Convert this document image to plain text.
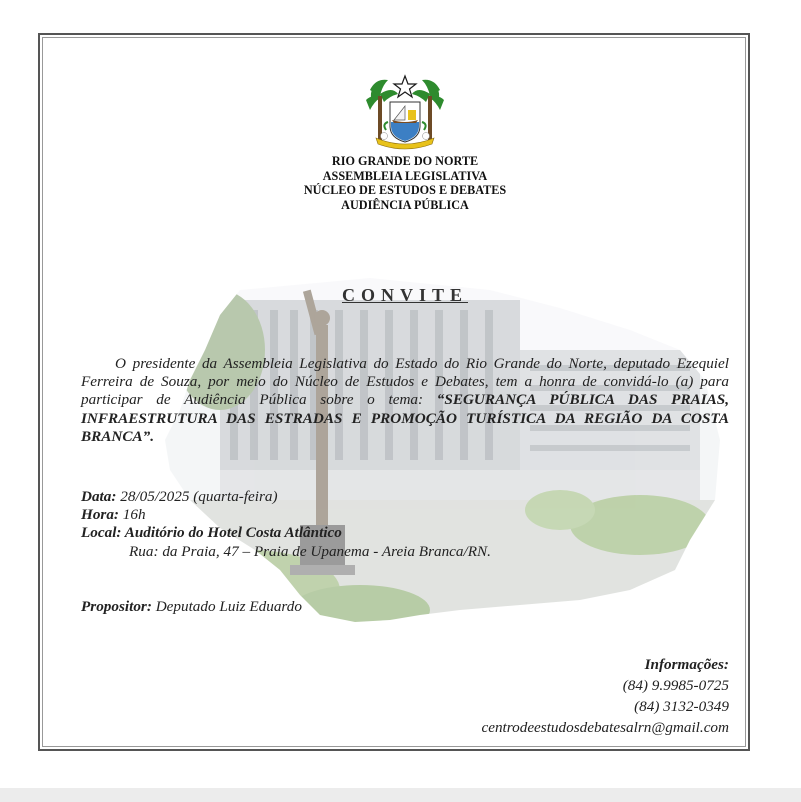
RIO GRANDE DO NORTE
ASSEMBLEIA LEGISLATIVA
NÚCLEO DE ESTUDOS E DEBATES
AUDIÊNCIA PÚBLICA
CONVITE
O presidente da Assembleia Legislativa do Estado do Rio Grande do Norte, deputado Ezequiel Ferreira de Souza, por meio do Núcleo de Estudos e Debates, tem a honra de convidá-lo (a) para participar de Audiência Pública sobre o tema: “SEGURANÇA PÚBLICA DAS PRAIAS, INFRAESTRUTURA DAS ESTRADAS E PROMOÇÃO TURÍSTICA DA REGIÃO DA COSTA BRANCA”.
Data: 28/05/2025 (quarta-feira)
Hora: 16h
Local: Auditório do Hotel Costa Atlântico
Rua: da Praia, 47 – Praia de Upanema - Areia Branca/RN.
Propositor: Deputado Luiz Eduardo
Informações:
(84) 9.9985-0725
(84) 3132-0349
centrodeestudosdebatesalrn@gmail.com
